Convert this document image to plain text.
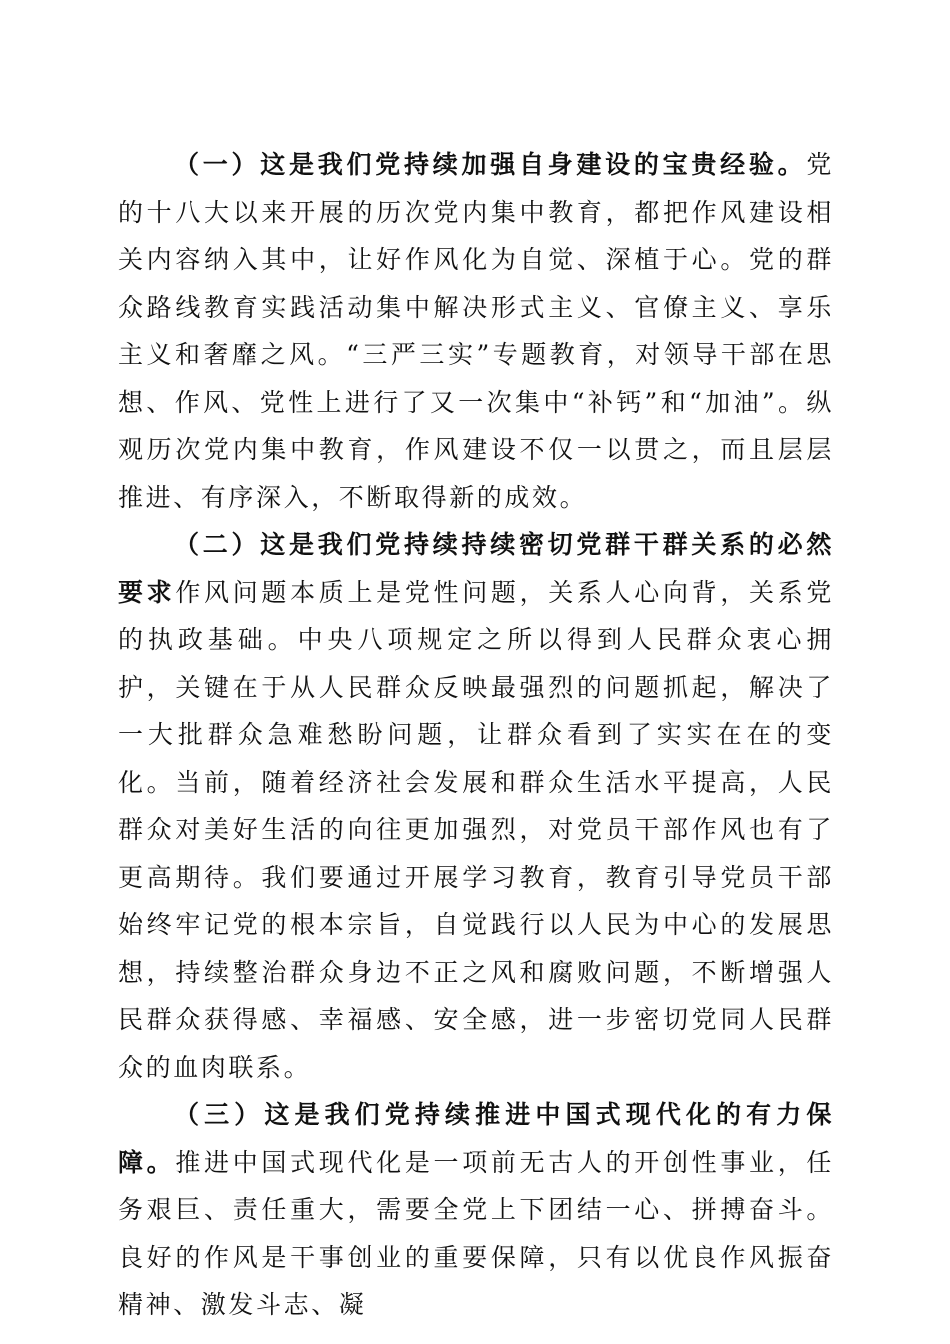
（一）这是我们党持续加强自身建设的宝贵经验。党的十八大以来开展的历次党内集中教育，都把作风建设相关内容纳入其中，让好作风化为自觉、深植于心。党的群众路线教育实践活动集中解决形式主义、官僚主义、享乐主义和奢靡之风。“三严三实”专题教育，对领导干部在思想、作风、党性上进行了又一次集中“补钙”和“加油”。纵观历次党内集中教育，作风建设不仅一以贯之，而且层层推进、有序深入，不断取得新的成效。

（二）这是我们党持续持续密切党群干群关系的必然要求作风问题本质上是党性问题，关系人心向背，关系党的执政基础。中央八项规定之所以得到人民群众衷心拥护，关键在于从人民群众反映最强烈的问题抓起，解决了一大批群众急难愁盼问题，让群众看到了实实在在的变化。当前，随着经济社会发展和群众生活水平提高，人民群众对美好生活的向往更加强烈，对党员干部作风也有了更高期待。我们要通过开展学习教育，教育引导党员干部始终牢记党的根本宗旨，自觉践行以人民为中心的发展思想，持续整治群众身边不正之风和腐败问题，不断增强人民群众获得感、幸福感、安全感，进一步密切党同人民群众的血肉联系。

（三）这是我们党持续推进中国式现代化的有力保障。推进中国式现代化是一项前无古人的开创性事业，任务艰巨、责任重大，需要全党上下团结一心、拼搏奋斗。良好的作风是干事创业的重要保障，只有以优良作风振奋精神、激发斗志、凝
